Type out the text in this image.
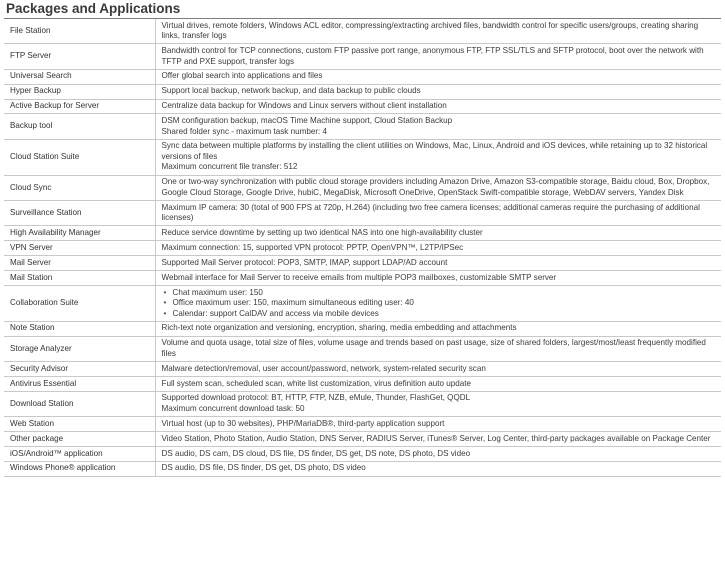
Packages and Applications
File Station	Virtual drives, remote folders, Windows ACL editor, compressing/extracting archived files, bandwidth control for specific users/groups, creating sharing links, transfer logs

FTP Server	Bandwidth control for TCP connections, custom FTP passive port range, anonymous FTP, FTP SSL/TLS and SFTP protocol, boot over the network with TFTP and PXE support, transfer logs

Universal Search	Offer global search into applications and files

Hyper Backup	Support local backup, network backup, and data backup to public clouds

Active Backup for Server	Centralize data backup for Windows and Linux servers without client installation

Backup tool	DSM configuration backup, macOS Time Machine support, Cloud Station Backup
Shared folder sync - maximum task number: 4

Cloud Station Suite	Sync data between multiple platforms by installing the client utilities on Windows, Mac, Linux, Android and iOS devices, while retaining up to 32 historical versions of files
Maximum concurrent file transfer: 512

Cloud Sync	One or two-way synchronization with public cloud storage providers including Amazon Drive, Amazon S3-compatible storage, Baidu cloud, Box, Dropbox, Google Cloud Storage, Google Drive, hubiC, MegaDisk, Microsoft OneDrive, OpenStack Swift-compatible storage, WebDAV servers, Yandex Disk

Surveillance Station	Maximum IP camera: 30 (total of 900 FPS at 720p, H.264) (including two free camera licenses; additional cameras require the purchasing of additional licenses)

High Availability Manager	Reduce service downtime by setting up two identical NAS into one high-availability cluster

VPN Server	Maximum connection: 15, supported VPN protocol: PPTP, OpenVPN™, L2TP/IPSec

Mail Server	Supported Mail Server protocol: POP3, SMTP, IMAP, support LDAP/AD account

Mail Station	Webmail interface for Mail Server to receive emails from multiple POP3 mailboxes, customizable SMTP server

Collaboration Suite	• Chat maximum user: 150
• Office maximum user: 150, maximum simultaneous editing user: 40
• Calendar: support CalDAV and access via mobile devices

Note Station	Rich-text note organization and versioning, encryption, sharing, media embedding and attachments

Storage Analyzer	Volume and quota usage, total size of files, volume usage and trends based on past usage, size of shared folders, largest/most/least frequently modified files

Security Advisor	Malware detection/removal, user account/password, network, system-related security scan

Antivirus Essential	Full system scan, scheduled scan, white list customization, virus definition auto update

Download Station	Supported download protocol: BT, HTTP, FTP, NZB, eMule, Thunder, FlashGet, QQDL
Maximum concurrent download task: 50

Web Station	Virtual host (up to 30 websites), PHP/MariaDB®, third-party application support

Other package	Video Station, Photo Station, Audio Station, DNS Server, RADIUS Server, iTunes® Server, Log Center, third-party packages available on Package Center

iOS/Android™ application	DS audio, DS cam, DS cloud, DS file, DS finder, DS get, DS note, DS photo, DS video

Windows Phone® application	DS audio, DS file, DS finder, DS get, DS photo, DS video
